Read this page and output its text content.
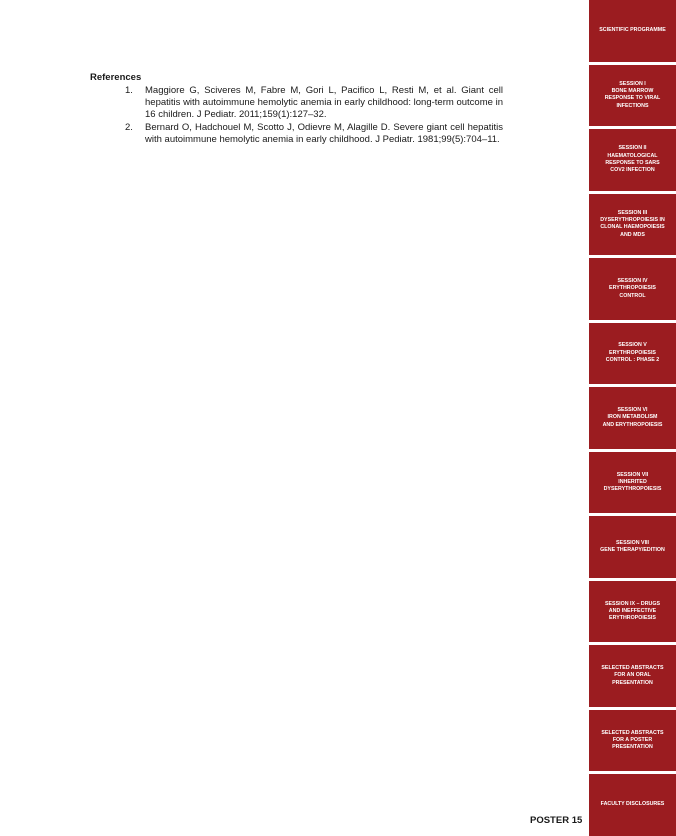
References
1. Maggiore G, Sciveres M, Fabre M, Gori L, Pacifico L, Resti M, et al. Giant cell hepatitis with autoimmune hemolytic anemia in early childhood: long-term outcome in 16 children. J Pediatr. 2011;159(1):127–32.
2. Bernard O, Hadchouel M, Scotto J, Odievre M, Alagille D. Severe giant cell hepatitis with autoimmune hemolytic anemia in early childhood. J Pediatr. 1981;99(5):704–11.
POSTER 15
SCIENTIFIC PROGRAMME
SESSION I
BONE MARROW
RESPONSE TO VIRAL
INFECTIONS
SESSION II
HAEMATOLOGICAL
RESPONSE TO SARS
COV2 INFECTION
SESSION III
DYSERYTHROPOIESIS IN
CLONAL HAEMOPOIESIS
AND MDS
SESSION IV
ERYTHROPOIESIS
CONTROL
SESSION V
ERYTHROPOIESIS
CONTROL : PHASE 2
SESSION VI
IRON METABOLISM
AND ERYTHROPOIESIS
SESSION VII
INHERITED
DYSERYTHROPOIESIS
SESSION VIII
GENE THERAPY/EDITION
SESSION IX – DRUGS
AND INEFFECTIVE
ERYTHROPOIESIS
SELECTED ABSTRACTS
FOR AN ORAL
PRESENTATION
SELECTED ABSTRACTS
FOR A POSTER
PRESENTATION
FACULTY DISCLOSURES
